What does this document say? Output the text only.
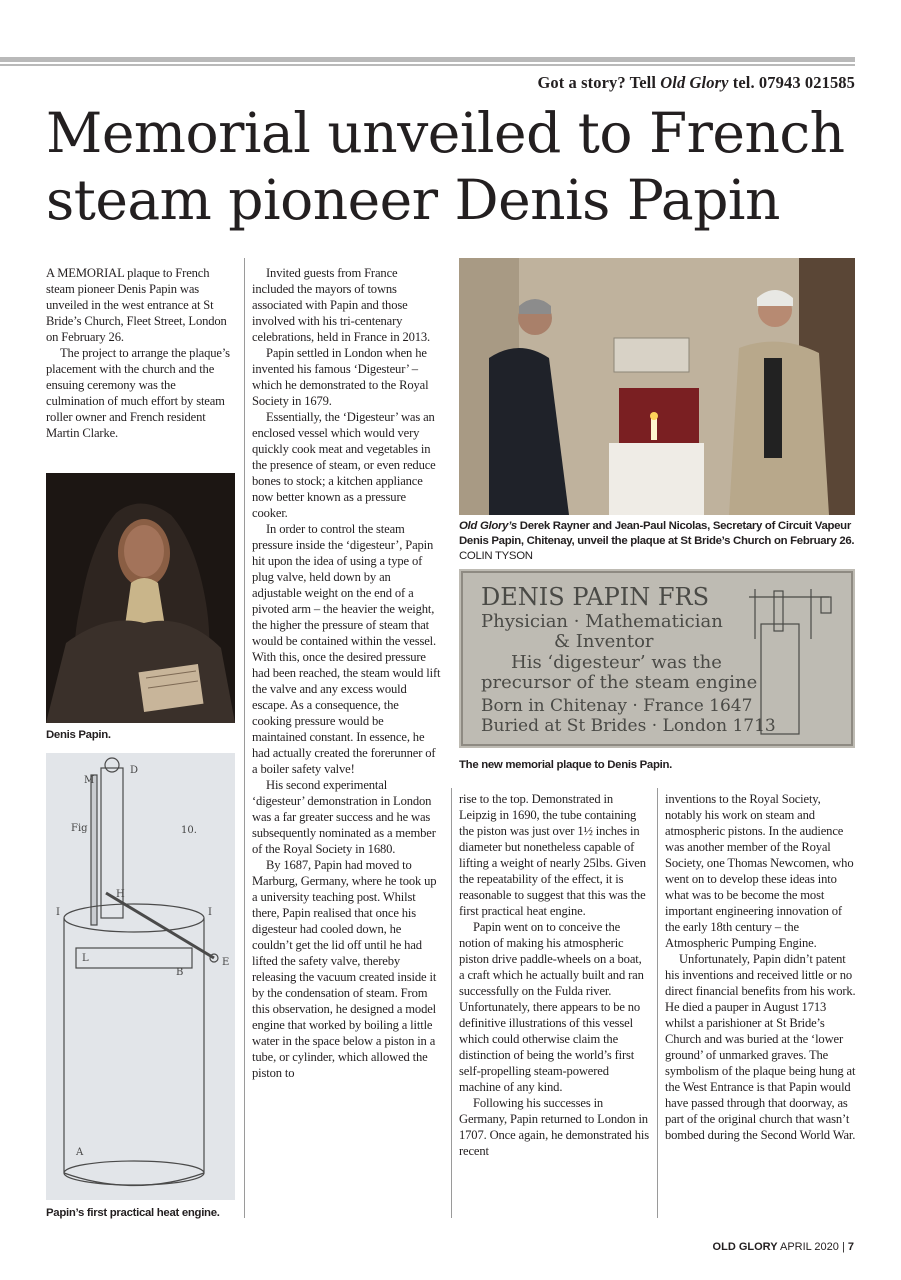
Got a story? Tell Old Glory tel. 07943 021585
Memorial unveiled to French steam pioneer Denis Papin

A MEMORIAL plaque to French steam pioneer Denis Papin was unveiled in the west entrance at St Bride’s Church, Fleet Street, London on February 26.

The project to arrange the plaque’s placement with the church and the ensuing ceremony was the culmination of much effort by steam roller owner and French resident Martin Clarke.

Denis Papin.
M
D
Fig	10.
H
I	I
L	E
B
A
Papin’s first practical heat engine.

Invited guests from France included the mayors of towns associated with Papin and those involved with his tri-centenary celebrations, held in France in 2013.

Papin settled in London when he invented his famous ‘Digesteur’ – which he demonstrated to the Royal Society in 1679.

Essentially, the ‘Digesteur’ was an enclosed vessel which would very quickly cook meat and vegetables in the presence of steam, or even reduce bones to stock; a kitchen appliance now better known as a pressure cooker.

In order to control the steam pressure inside the ‘digesteur’, Papin hit upon the idea of using a type of plug valve, held down by an adjustable weight on the end of a pivoted arm – the heavier the weight, the higher the pressure of steam that would be contained within the vessel. With this, once the desired pressure had been reached, the steam would lift the valve and any excess would escape. As a consequence, the cooking pressure would be maintained constant. In essence, he had actually created the forerunner of a boiler safety valve!

His second experimental ‘digesteur’ demonstration in London was a far greater success and he was subsequently nominated as a member of the Royal Society in 1680.

By 1687, Papin had moved to Marburg, Germany, where he took up a university teaching post. Whilst there, Papin realised that once his digesteur had cooled down, he couldn’t get the lid off until he had lifted the safety valve, thereby releasing the vacuum created inside it by the condensation of steam. From this observation, he designed a model engine that worked by boiling a little water in the space below a piston in a tube, or cylinder, which allowed the piston to

Old Glory’s Derek Rayner and Jean-Paul Nicolas, Secretary of Circuit Vapeur Denis Papin, Chitenay, unveil the plaque at St Bride’s Church on February 26. COLIN TYSON
DENIS PAPIN FRS
Physician · Mathematician
& Inventor
His ‘digesteur’ was the
precursor of the steam engine
Born in Chitenay · France 1647
Buried at St Brides · London 1713
The new memorial plaque to Denis Papin.

rise to the top. Demonstrated in Leipzig in 1690, the tube containing the piston was just over 1½ inches in diameter but nonetheless capable of lifting a weight of nearly 25lbs. Given the repeatability of the effect, it is reasonable to suggest that this was the first practical heat engine.

Papin went on to conceive the notion of making his atmospheric piston drive paddle-wheels on a boat, a craft which he actually built and ran successfully on the Fulda river. Unfortunately, there appears to be no definitive illustrations of this vessel which could otherwise claim the distinction of being the world’s first self-propelling steam-powered machine of any kind.

Following his successes in Germany, Papin returned to London in 1707. Once again, he demonstrated his recent

inventions to the Royal Society, notably his work on steam and atmospheric pistons. In the audience was another member of the Royal Society, one Thomas Newcomen, who went on to develop these ideas into what was to be become the most important engineering innovation of the early 18th century – the Atmospheric Pumping Engine.

Unfortunately, Papin didn’t patent his inventions and received little or no direct financial benefits from his work. He died a pauper in August 1713 whilst a parishioner at St Bride’s Church and was buried at the ‘lower ground’ of unmarked graves. The symbolism of the plaque being hung at the West Entrance is that Papin would have passed through that doorway, as part of the original church that wasn’t bombed during the Second World War.

OLD GLORY APRIL 2020 | 7
